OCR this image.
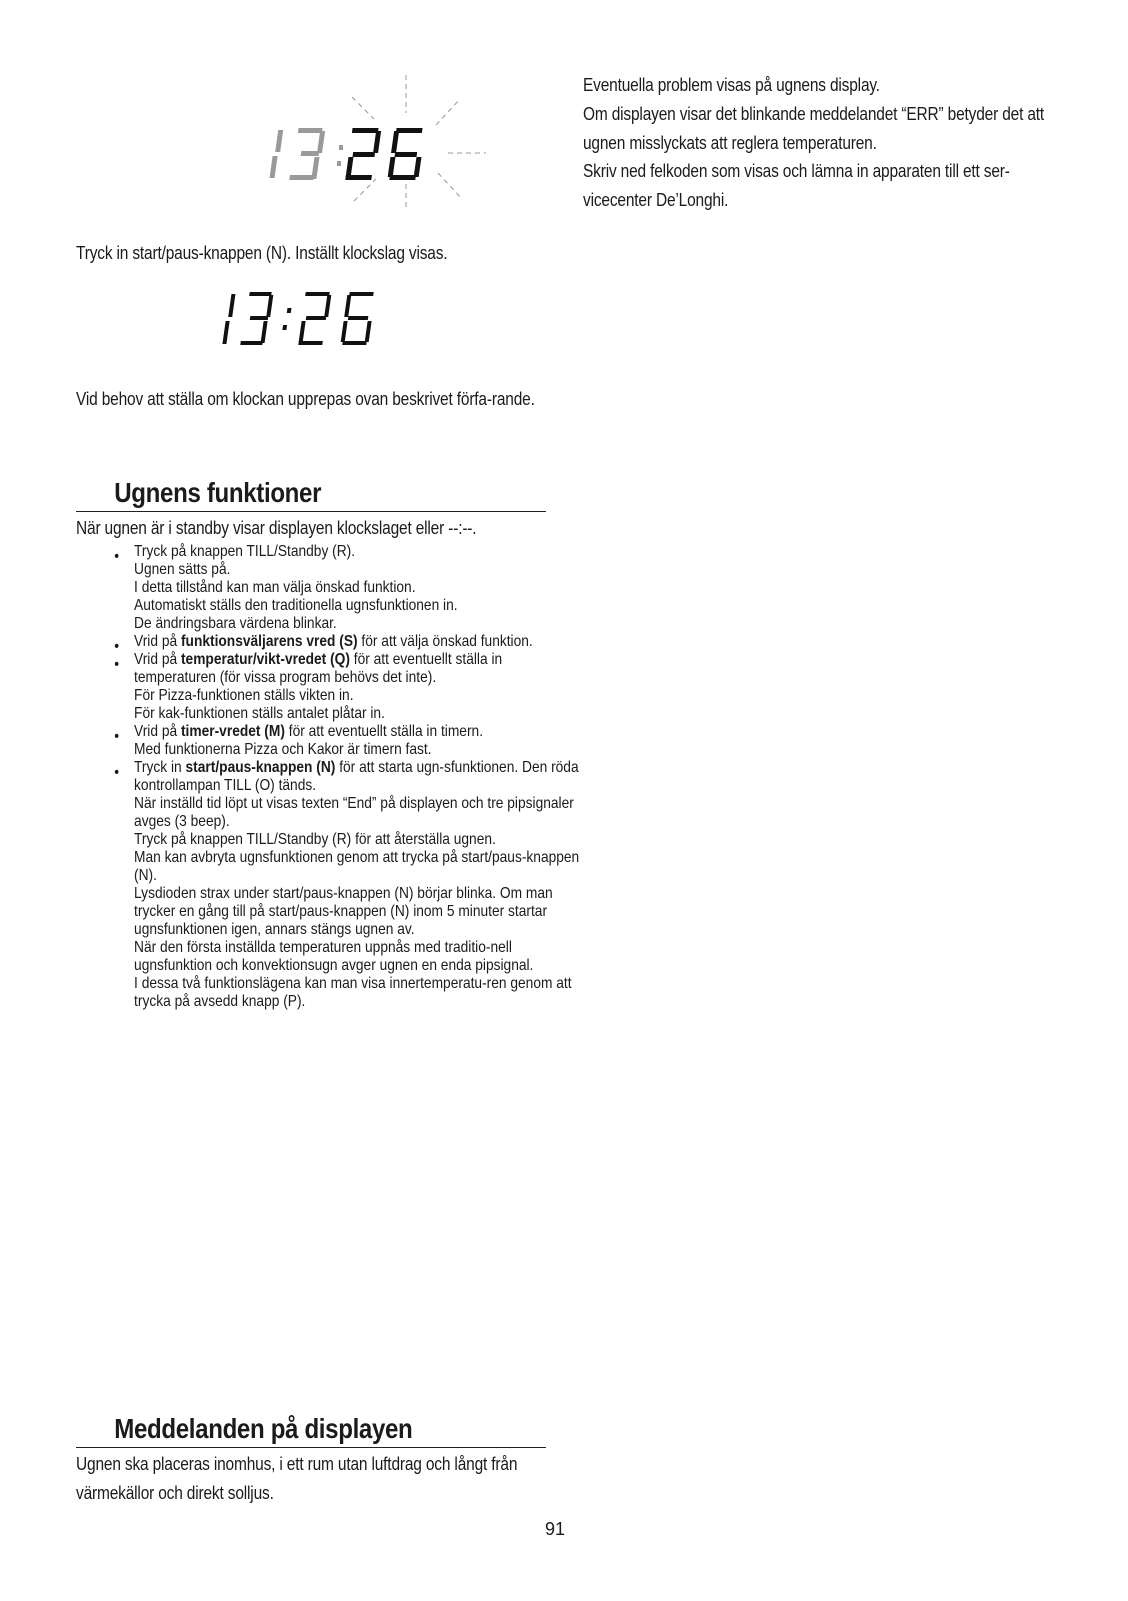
Tryck in start/paus-knappen (N). Inställt klockslag visas.

Vid behov att ställa om klockan upprepas ovan beskrivet förfa-rande.

Ugnens funktioner

När ugnen är i standby visar displayen klockslaget eller --:--.

• Tryck på knappen TILL/Standby (R).
Ugnen sätts på.
I detta tillstånd kan man välja önskad funktion.
Automatiskt ställs den traditionella ugnsfunktionen in.
De ändringsbara värdena blinkar.
• Vrid på funktionsväljarens vred (S) för att välja önskad funktion.
• Vrid på temperatur/vikt-vredet (Q) för att eventuellt ställa in temperaturen (för vissa program behövs det inte).
För Pizza-funktionen ställs vikten in.
För kak-funktionen ställs antalet plåtar in.
• Vrid på timer-vredet (M) för att eventuellt ställa in timern.
Med funktionerna Pizza och Kakor är timern fast.
• Tryck in start/paus-knappen (N) för att starta ugn-sfunktionen. Den röda kontrollampan TILL (O) tänds.
När inställd tid löpt ut visas texten “End” på displayen och tre pipsignaler avges (3 beep).
Tryck på knappen TILL/Standby (R) för att återställa ugnen.
Man kan avbryta ugnsfunktionen genom att trycka på start/paus-knappen (N).
Lysdioden strax under start/paus-knappen (N) börjar blinka. Om man trycker en gång till på start/paus-knappen (N) inom 5 minuter startar ugnsfunktionen igen, annars stängs ugnen av.
När den första inställda temperaturen uppnås med traditio-nell ugnsfunktion och konvektionsugn avger ugnen en enda pipsignal.
I dessa två funktionslägena kan man visa innertemperatu-ren genom att trycka på avsedd knapp (P).
Meddelanden på displayen

Ugnen ska placeras inomhus, i ett rum utan luftdrag och långt från värmekällor och direkt solljus.

Eventuella problem visas på ugnens display.

Om displayen visar det blinkande meddelandet “ERR” betyder det att ugnen misslyckats att reglera temperaturen.

Skriv ned felkoden som visas och lämna in apparaten till ett ser-vicecenter De’Longhi.

91
